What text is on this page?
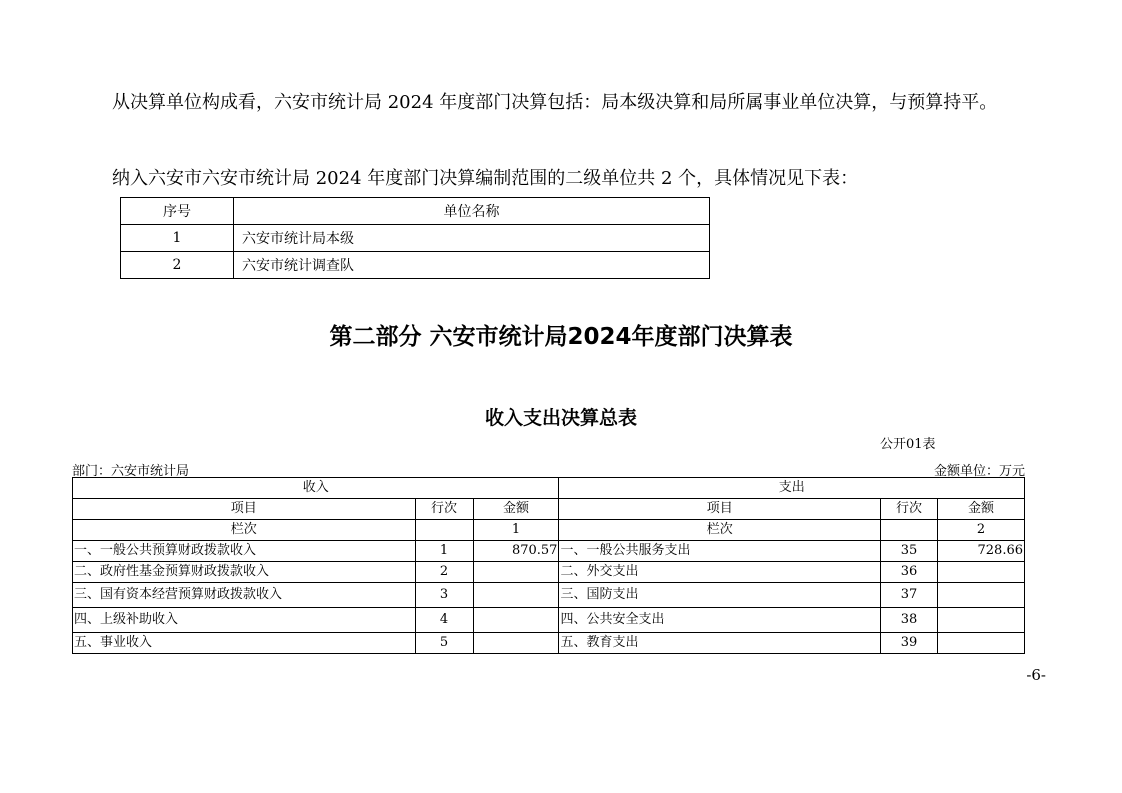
从决算单位构成看，六安市统计局 2024 年度部门决算包括：局本级决算和局所属事业单位决算，与预算持平。

纳入六安市六安市统计局 2024 年度部门决算编制范围的二级单位共 2 个，具体情况见下表：

序号	单位名称
1	六安市统计局本级
2	六安市统计调查队
第二部分 六安市统计局2024年度部门决算表
收入支出决算总表
公开01表
部门：六安市统计局	金额单位：万元
收入			支出		
项目	行次	金额	项目	行次	金额
栏次		1	栏次		2
一、一般公共预算财政拨款收入	1	870.57	一、一般公共服务支出	35	728.66
二、政府性基金预算财政拨款收入	2		二、外交支出	36	
三、国有资本经营预算财政拨款收入	3		三、国防支出	37	
四、上级补助收入	4		四、公共安全支出	38	
五、事业收入	5		五、教育支出	39	
-6-
